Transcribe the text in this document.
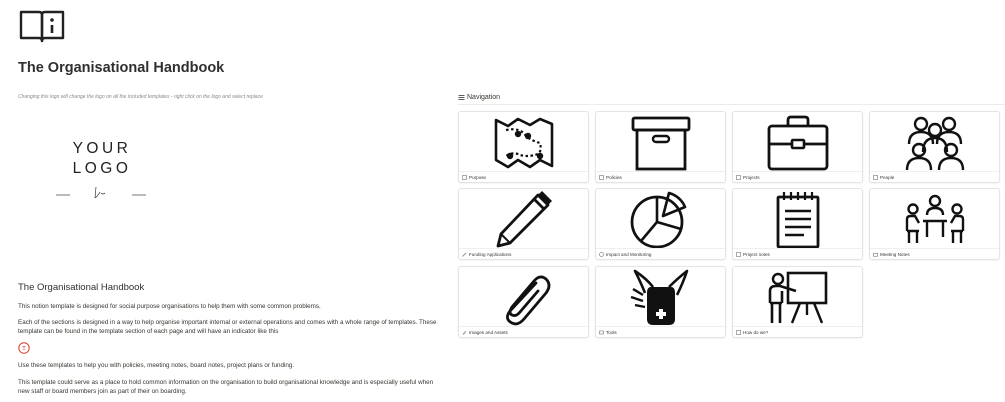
The Organisational Handbook
Changing this logo will change the logo on all the included templates - right click on the logo and select replace
YOUR
LOGO
The Organisational Handbook

This notion template is designed for social purpose organisations to help them with some common problems.

Each of the sections is designed in a way to help organise important internal or external operations and comes with a whole range of templates. These template can be found in the template section of each page and will have an indicator like this

T

Use these templates to help you with policies, meeting notes, board notes, project plans or funding.

This template could serve as a place to hold common information on the organisation to build organisational knowledge and is especially useful when new staff or board members join as part of their on boarding.

Navigation
Purpose	Policies	Projects	People
Funding Applications	Impact and Monitoring	Project notes	Meeting Notes
Images and Assets	Tools	How do we?
